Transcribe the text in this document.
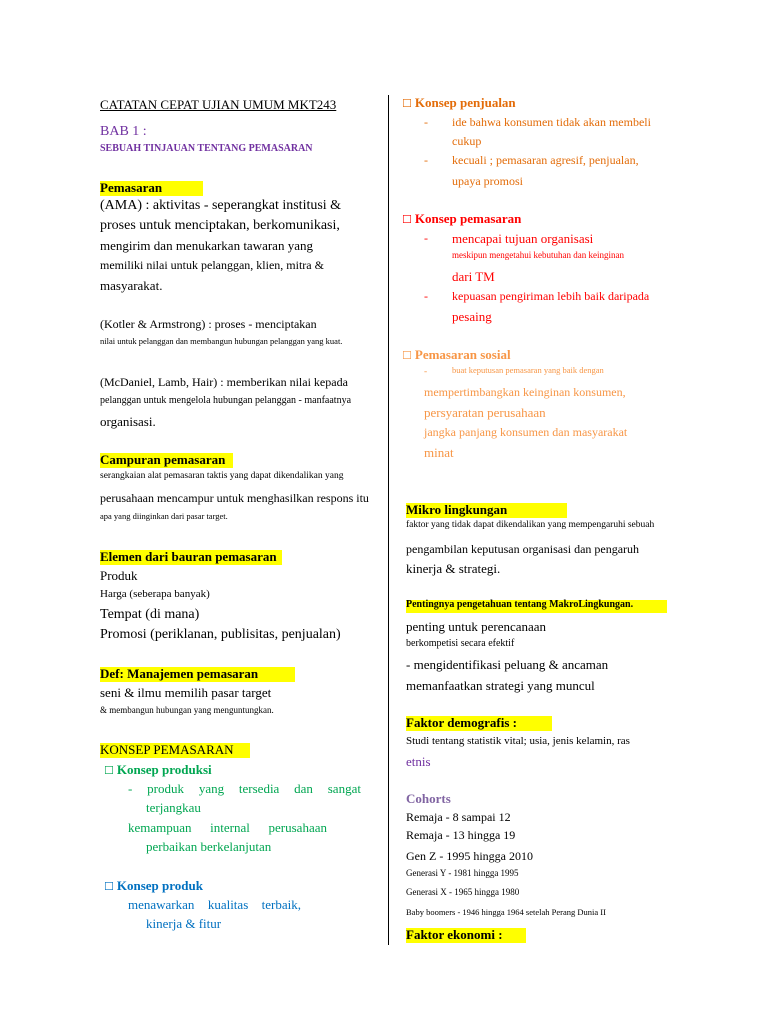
CATATAN CEPAT UJIAN UMUM MKT243
BAB 1 :
SEBUAH TINJAUAN TENTANG PEMASARAN
Pemasaran
(AMA) : aktivitas - seperangkat institusi &
proses untuk menciptakan, berkomunikasi,
mengirim dan menukarkan tawaran yang
memiliki nilai untuk pelanggan, klien, mitra &
masyarakat.
(Kotler & Armstrong) : proses - menciptakan
nilai untuk pelanggan dan membangun hubungan pelanggan yang kuat.
(McDaniel, Lamb, Hair) : memberikan nilai kepada
pelanggan untuk mengelola hubungan pelanggan - manfaatnya
organisasi.
Campuran pemasaran
serangkaian alat pemasaran taktis yang dapat dikendalikan yang
perusahaan mencampur untuk menghasilkan respons itu
apa yang diinginkan dari pasar target.
Elemen dari bauran pemasaran
Produk
Harga (seberapa banyak)
Tempat (di mana)
Promosi (periklanan, publisitas, penjualan)
Def: Manajemen pemasaran
seni & ilmu memilih pasar target
& membangun hubungan yang menguntungkan.
KONSEP PEMASARAN
☐ Konsep produksi
- produk yang tersedia dan sangat
terjangkau
kemampuan internal perusahaan
perbaikan berkelanjutan
☐ Konsep produk
menawarkan kualitas terbaik,
kinerja & fitur
☐ Konsep penjualan
- ide bahwa konsumen tidak akan membeli
cukup
- kecuali ; pemasaran agresif, penjualan,
upaya promosi
☐ Konsep pemasaran
- mencapai tujuan organisasi
meskipun mengetahui kebutuhan dan keinginan
dari TM
- kepuasan pengiriman lebih baik daripada
pesaing
☐ Pemasaran sosial
-	buat keputusan pemasaran yang baik dengan
mempertimbangkan keinginan konsumen,
persyaratan perusahaan
jangka panjang konsumen dan masyarakat
minat
Mikro lingkungan
faktor yang tidak dapat dikendalikan yang mempengaruhi sebuah
pengambilan keputusan organisasi dan pengaruh
kinerja & strategi.
Pentingnya pengetahuan tentang MakroLingkungan.
penting untuk perencanaan
berkompetisi secara efektif
- mengidentifikasi peluang & ancaman
memanfaatkan strategi yang muncul
Faktor demografis :
Studi tentang statistik vital; usia, jenis kelamin, ras
etnis
Cohorts
Remaja - 8 sampai 12
Remaja - 13 hingga 19
Gen Z - 1995 hingga 2010
Generasi Y - 1981 hingga 1995
Generasi X - 1965 hingga 1980
Baby boomers - 1946 hingga 1964 setelah Perang Dunia II
Faktor ekonomi :
